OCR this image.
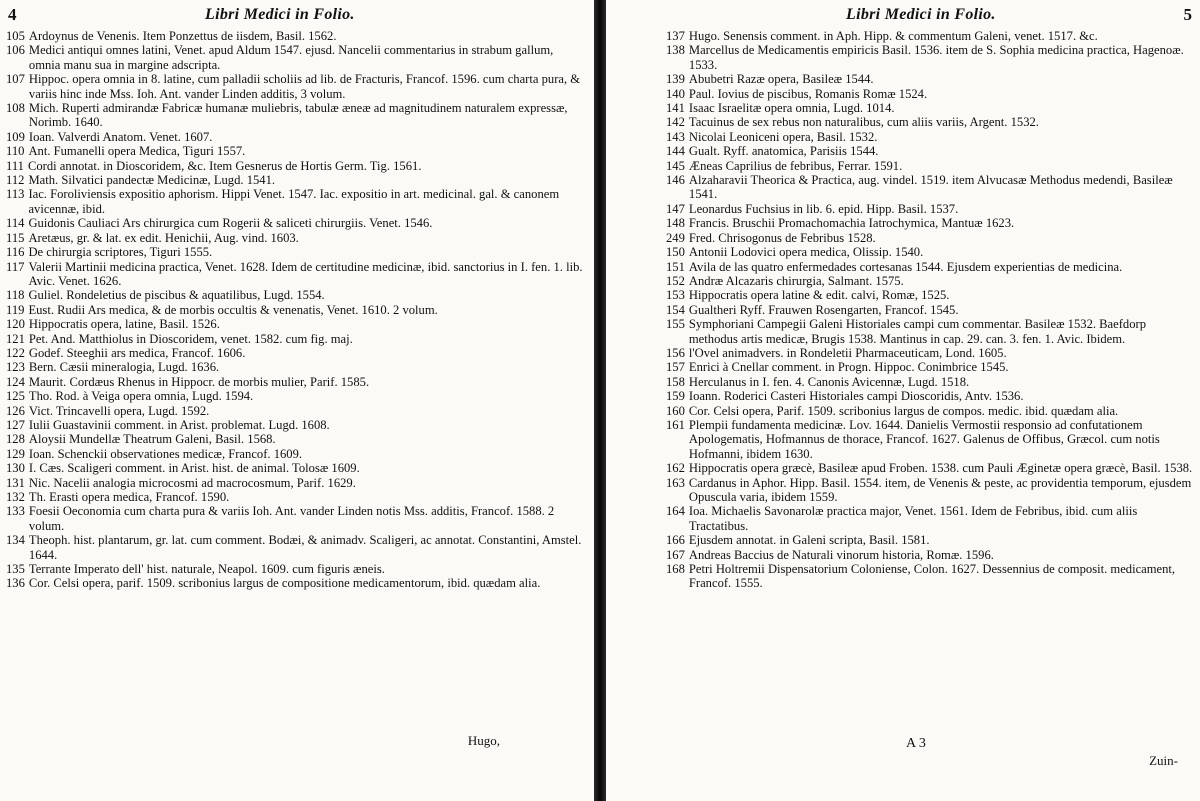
4	Libri Medici in Folio.
105 Ardoynus de Venenis. Item Ponzettus de iisdem, Basil. 1562.
106 Medici antiqui omnes latini, Venet. apud Aldum 1547. ejusd. Nancelii commentarius in strabum gallum, omnia manu sua in margine adscripta.
107 Hippoc. opera omnia in 8. latine, cum palladii scholiis ad lib. de Fracturis, Francof. 1596. cum charta pura, & variis hinc inde Mss. Ioh. Ant. vander Linden additis, 3 volum.
108 Mich. Ruperti admirandæ Fabricæ humanæ muliebris, tabulæ æneæ ad magnitudinem naturalem expressæ, Norimb. 1640.
109 Ioan. Valverdi Anatom. Venet. 1607.
110 Ant. Fumanelli opera Medica, Tiguri 1557.
111 Cordi annotat. in Dioscoridem, &c. Item Gesnerus de Hortis Germ. Tig. 1561.
112 Math. Silvatici pandectæ Medicinæ, Lugd. 1541.
113 Iac. Foroliviensis expositio aphorism. Hippi Venet. 1547. Iac. expositio in art. medicinal. gal. & canonem avicennæ, ibid.
114 Guidonis Cauliaci Ars chirurgica cum Rogerii & saliceti chirurgiis. Venet. 1546.
115 Aretæus, gr. & lat. ex edit. Henichii, Aug. vind. 1603.
116 De chirurgia scriptores, Tiguri 1555.
117 Valerii Martinii medicina practica, Venet. 1628. Idem de certitudine medicinæ, ibid. sanctorius in I. fen. 1. lib. Avic. Venet. 1626.
118 Guliel. Rondeletius de piscibus & aquatilibus, Lugd. 1554.
119 Eust. Rudii Ars medica, & de morbis occultis & venenatis, Venet. 1610. 2 volum.
120 Hippocratis opera, latine, Basil. 1526.
121 Pet. And. Matthiolus in Dioscoridem, venet. 1582. cum fig. maj.
122 Godef. Steeghii ars medica, Francof. 1606.
123 Bern. Cæsii mineralogia, Lugd. 1636.
124 Maurit. Cordæus Rhenus in Hippocr. de morbis mulier, Parif. 1585.
125 Tho. Rod. à Veiga opera omnia, Lugd. 1594.
126 Vict. Trincavelli opera, Lugd. 1592.
127 Iulii Guastavinii comment. in Arist. problemat. Lugd. 1608.
128 Aloysii Mundellæ Theatrum Galeni, Basil. 1568.
129 Ioan. Schenckii observationes medicæ, Francof. 1609.
130 I. Cæs. Scaligeri comment. in Arist. hist. de animal. Tolosæ 1609.
131 Nic. Nacelii analogia microcosmi ad macrocosmum, Parif. 1629.
132 Th. Erasti opera medica, Francof. 1590.
133 Foesii Oeconomia cum charta pura & variis Ioh. Ant. vander Linden notis Mss. additis, Francof. 1588. 2 volum.
134 Theoph. hist. plantarum, gr. lat. cum comment. Bodæi, & animadv. Scaligeri, ac annotat. Constantini, Amstel. 1644.
135 Terrante Imperato dell' hist. naturale, Neapol. 1609. cum figuris æneis.
136 Cor. Celsi opera, parif. 1509. scribonius largus de compositione medicamentorum, ibid. quædam alia.
Hugo,
Libri Medici in Folio.	5
137 Hugo. Senensis comment. in Aph. Hipp. & commentum Galeni, venet. 1517. &c.
138 Marcellus de Medicamentis empiricis Basil. 1536. item de S. Sophia medicina practica, Hagenoæ. 1533.
139 Abubetri Razæ opera, Basileæ 1544.
140 Paul. Iovius de piscibus, Romanis Romæ 1524.
141 Isaac Israelitæ opera omnia, Lugd. 1014.
142 Tacuinus de sex rebus non naturalibus, cum aliis variis, Argent. 1532.
143 Nicolai Leoniceni opera, Basil. 1532.
144 Gualt. Ryff. anatomica, Parisiis 1544.
145 Æneas Caprilius de febribus, Ferrar. 1591.
146 Alzaharavii Theorica & Practica, aug. vindel. 1519. item Alvucasæ Methodus medendi, Basileæ 1541.
147 Leonardus Fuchsius in lib. 6. epid. Hipp. Basil. 1537.
148 Francis. Bruschii Promachomachia Iatrochymica, Mantuæ 1623.
249 Fred. Chrisogonus de Febribus 1528.
150 Antonii Lodovici opera medica, Olissip. 1540.
151 Avila de las quatro enfermedades cortesanas 1544. Ejusdem experientias de medicina.
152 Andræ Alcazaris chirurgia, Salmant. 1575.
153 Hippocratis opera latine & edit. calvi, Romæ, 1525.
154 Gualtheri Ryff. Frauwen Rosengarten, Francof. 1545.
155 Symphoriani Campegii Galeni Historiales campi cum commentar. Basileæ 1532. Baefdorp methodus artis medicæ, Brugis 1538. Mantinus in cap. 29. can. 3. fen. 1. Avic. Ibidem.
156 l'Ovel animadvers. in Rondeletii Pharmaceuticam, Lond. 1605.
157 Enrici à Cnellar comment. in Progn. Hippoc. Conimbrice 1545.
158 Herculanus in I. fen. 4. Canonis Avicennæ, Lugd. 1518.
159 Ioann. Roderici Casteri Historiales campi Dioscoridis, Antv. 1536.
160 Cor. Celsi opera, Parif. 1509. scribonius largus de compos. medic. ibid. quædam alia.
161 Plempii fundamenta medicinæ. Lov. 1644. Danielis Vermostii responsio ad confutationem Apologematis, Hofmannus de thorace, Francof. 1627. Galenus de Offibus, Græcol. cum notis Hofmanni, ibidem 1630.
162 Hippocratis opera græcè, Basileæ apud Froben. 1538. cum Pauli Æginetæ opera græcè, Basil. 1538.
163 Cardanus in Aphor. Hipp. Basil. 1554. item, de Venenis & peste, ac providentia temporum, ejusdem Opuscula varia, ibidem 1559.
164 Ioa. Michaelis Savonarolæ practica major, Venet. 1561. Idem de Febribus, ibid. cum aliis Tractatibus.
166 Ejusdem annotat. in Galeni scripta, Basil. 1581.
167 Andreas Baccius de Naturali vinorum historia, Romæ. 1596.
168 Petri Holtremii Dispensatorium Coloniense, Colon. 1627. Dessennius de composit. medicament, Francof. 1555.
A 3
Zuin-
